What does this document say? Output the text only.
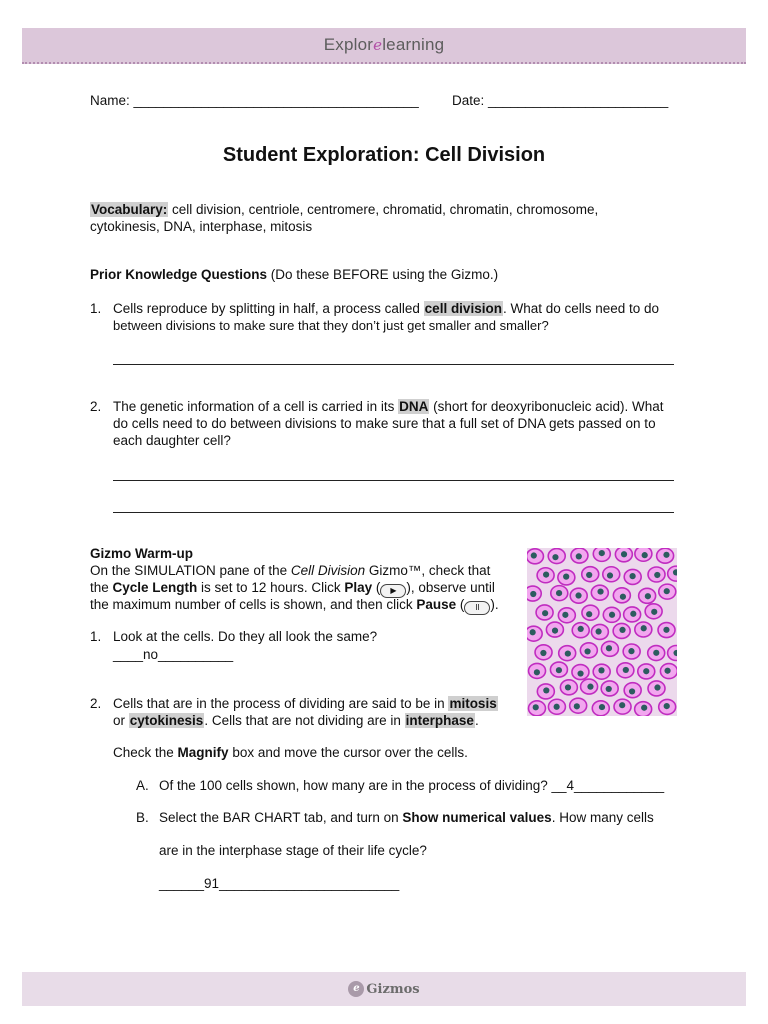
Explorelearning
Name: ______________________________________ Date: ________________________
Student Exploration: Cell Division
Vocabulary: cell division, centriole, centromere, chromatid, chromatin, chromosome,
cytokinesis, DNA, interphase, mitosis
Prior Knowledge Questions (Do these BEFORE using the Gizmo.)
1. Cells reproduce by splitting in half, a process called cell division. What do cells need to do
between divisions to make sure that they don’t just get smaller and smaller?
2. The genetic information of a cell is carried in its DNA (short for deoxyribonucleic acid). What
do cells need to do between divisions to make sure that a full set of DNA gets passed on to
each daughter cell?
Gizmo Warm-up
On the SIMULATION pane of the Cell Division Gizmo™, check that
the Cycle Length is set to 12 hours. Click Play ( ▶ ), observe until
the maximum number of cells is shown, and then click Pause ( II ).
1. Look at the cells. Do they all look the same?
____no__________
2. Cells that are in the process of dividing are said to be in mitosis
or cytokinesis. Cells that are not dividing are in interphase.
Check the Magnify box and move the cursor over the cells.
A. Of the 100 cells shown, how many are in the process of dividing? __4____________
B. Select the BAR CHART tab, and turn on Show numerical values. How many cells
are in the interphase stage of their life cycle?
______91________________________
e Gizmos
